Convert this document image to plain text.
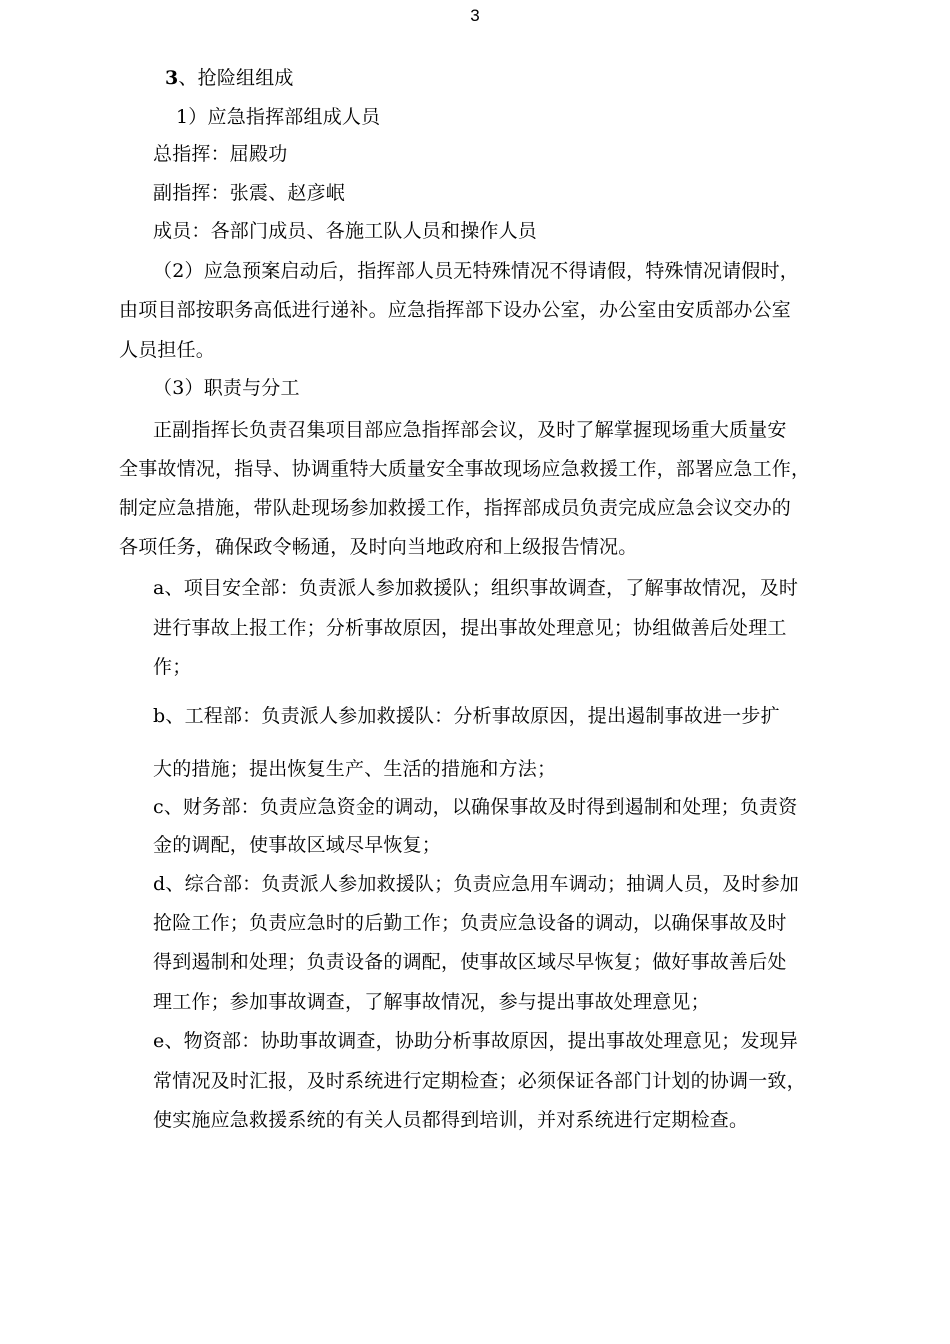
3
3、抢险组组成
1）应急指挥部组成人员
总指挥：屈殿功
副指挥：张震、赵彦岷
成员：各部门成员、各施工队人员和操作人员
（2）应急预案启动后，指挥部人员无特殊情况不得请假，特殊情况请假时，
由项目部按职务高低进行递补。应急指挥部下设办公室，办公室由安质部办公室
人员担任。
（3）职责与分工
正副指挥长负责召集项目部应急指挥部会议，及时了解掌握现场重大质量安
全事故情况，指导、协调重特大质量安全事故现场应急救援工作，部署应急工作，
制定应急措施，带队赴现场参加救援工作，指挥部成员负责完成应急会议交办的
各项任务，确保政令畅通，及时向当地政府和上级报告情况。
a、项目安全部：负责派人参加救援队；组织事故调查，了解事故情况，及时
进行事故上报工作；分析事故原因，提出事故处理意见；协组做善后处理工
作；
b、工程部：负责派人参加救援队：分析事故原因，提出遏制事故进一步扩
大的措施；提出恢复生产、生活的措施和方法；
c、财务部：负责应急资金的调动，以确保事故及时得到遏制和处理；负责资
金的调配，使事故区域尽早恢复；
d、综合部：负责派人参加救援队；负责应急用车调动；抽调人员，及时参加
抢险工作；负责应急时的后勤工作；负责应急设备的调动，以确保事故及时
得到遏制和处理；负责设备的调配，使事故区域尽早恢复；做好事故善后处
理工作；参加事故调查，了解事故情况，参与提出事故处理意见；
e、物资部：协助事故调查，协助分析事故原因，提出事故处理意见；发现异
常情况及时汇报，及时系统进行定期检查；必须保证各部门计划的协调一致，
使实施应急救援系统的有关人员都得到培训，并对系统进行定期检查。
